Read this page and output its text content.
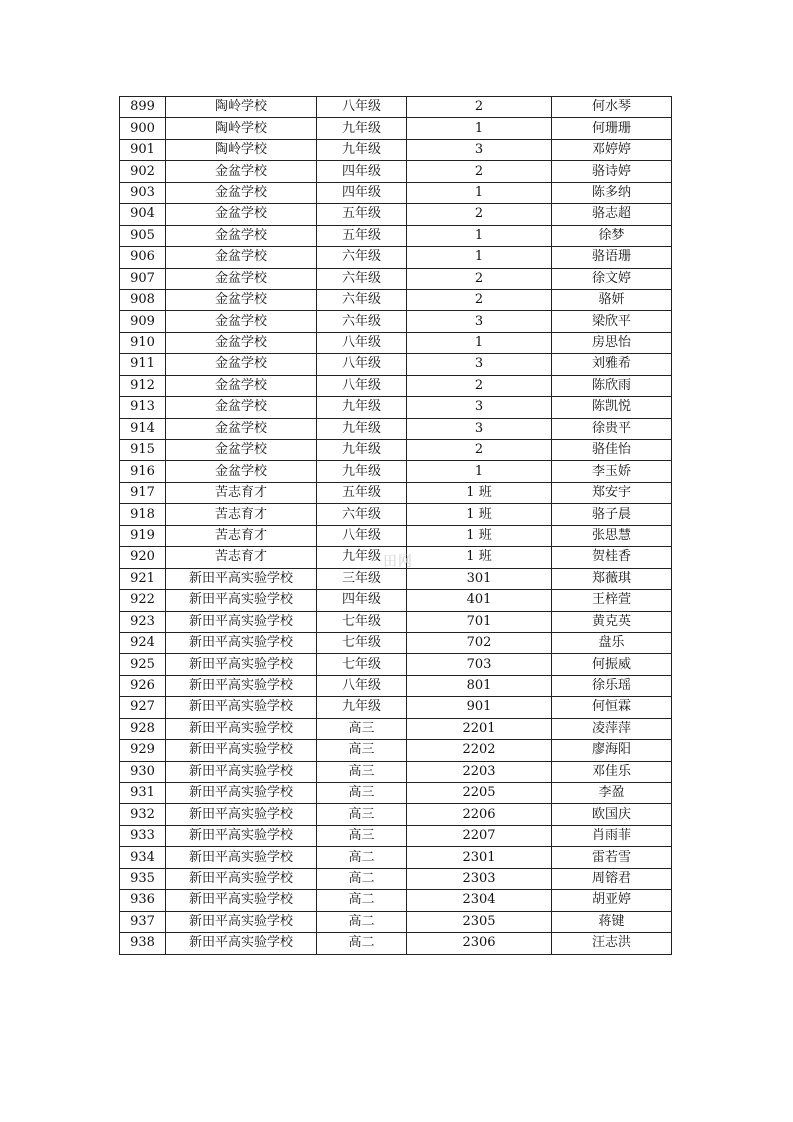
899	陶岭学校	八年级	2	何水琴
900	陶岭学校	九年级	1	何珊珊
901	陶岭学校	九年级	3	邓婷婷
902	金盆学校	四年级	2	骆诗婷
903	金盆学校	四年级	1	陈多纳
904	金盆学校	五年级	2	骆志超
905	金盆学校	五年级	1	徐梦
906	金盆学校	六年级	1	骆语珊
907	金盆学校	六年级	2	徐文婷
908	金盆学校	六年级	2	骆妍
909	金盆学校	六年级	3	梁欣平
910	金盆学校	八年级	1	房思怡
911	金盆学校	八年级	3	刘雅希
912	金盆学校	八年级	2	陈欣雨
913	金盆学校	九年级	3	陈凯悦
914	金盆学校	九年级	3	徐贵平
915	金盆学校	九年级	2	骆佳怡
916	金盆学校	九年级	1	李玉娇
917	苦志育才	五年级	1 班	郑安宇
918	苦志育才	六年级	1 班	骆子晨
919	苦志育才	八年级	1 班	张思慧
920	苦志育才	九年级	1 班	贺桂香
921	新田平高实验学校	三年级	301	郑薇琪
922	新田平高实验学校	四年级	401	王梓萱
923	新田平高实验学校	七年级	701	黄克英
924	新田平高实验学校	七年级	702	盘乐
925	新田平高实验学校	七年级	703	何振威
926	新田平高实验学校	八年级	801	徐乐瑶
927	新田平高实验学校	九年级	901	何恒霖
928	新田平高实验学校	高三	2201	凌萍萍
929	新田平高实验学校	高三	2202	廖海阳
930	新田平高实验学校	高三	2203	邓佳乐
931	新田平高实验学校	高三	2205	李盈
932	新田平高实验学校	高三	2206	欧国庆
933	新田平高实验学校	高三	2207	肖雨菲
934	新田平高实验学校	高二	2301	雷若雪
935	新田平高实验学校	高二	2303	周镕君
936	新田平高实验学校	高二	2304	胡亚婷
937	新田平高实验学校	高二	2305	蒋键
938	新田平高实验学校	高二	2306	汪志洪
田网
